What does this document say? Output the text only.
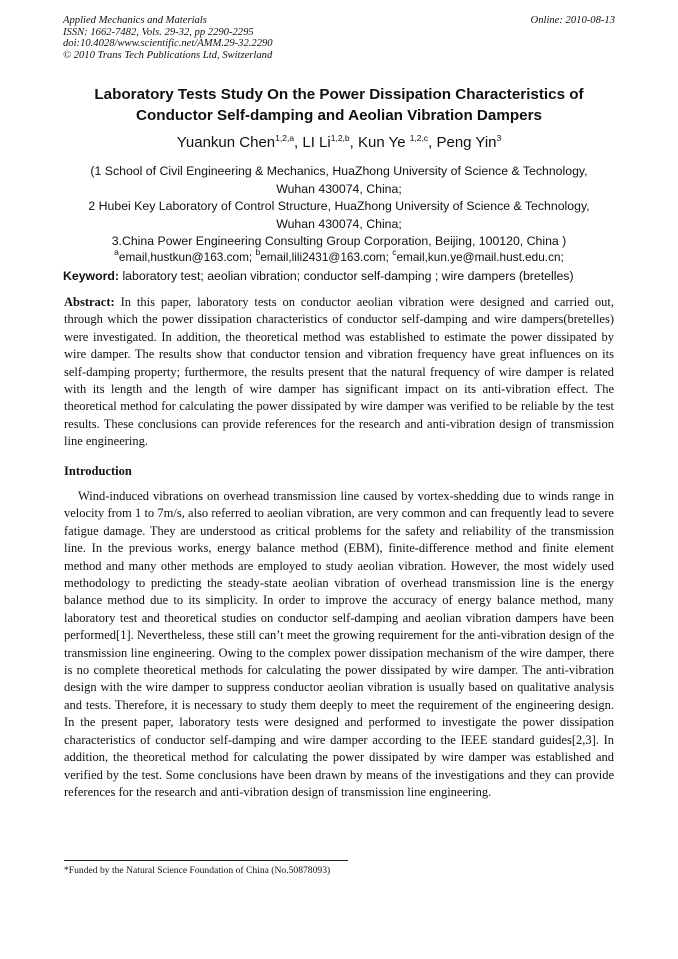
Applied Mechanics and Materials
ISSN: 1662-7482, Vols. 29-32, pp 2290-2295
doi:10.4028/www.scientific.net/AMM.29-32.2290
© 2010 Trans Tech Publications Ltd, Switzerland
Online: 2010-08-13
Laboratory Tests Study On the Power Dissipation Characteristics of
Conductor Self-damping and Aeolian Vibration Dampers
Yuankun Chen$^{1,2,a}$, LI Li$^{1,2,b}$, Kun Ye $^{1,2,c}$, Peng Yin$^3$
(1 School of Civil Engineering & Mechanics, HuaZhong University of Science & Technology,
Wuhan 430074, China;
2 Hubei Key Laboratory of Control Structure, HuaZhong University of Science & Technology,
Wuhan 430074, China;
3.China Power Engineering Consulting Group Corporation, Beijing, 100120, China )
$^a$email,hustkun@163.com; $^b$email,lili2431@163.com; $^c$email,kun.ye@mail.hust.edu.cn;
Keyword: laboratory test; aeolian vibration; conductor self-damping ; wire dampers (bretelles)
Abstract: In this paper, laboratory tests on conductor aeolian vibration were designed and carried out, through which the power dissipation characteristics of conductor self-damping and wire dampers(bretelles) were investigated. In addition, the theoretical method was established to estimate the power dissipated by wire damper. The results show that conductor tension and vibration frequency have great influences on its self-damping property; furthermore, the results present that the natural frequency of wire damper is related with its length and the length of wire damper has significant impact on its anti-vibration effect. The theoretical method for calculating the power dissipated by wire damper was verified to be reliable by the test results. These conclusions can provide references for the research and anti-vibration design of transmission line engineering.
Introduction
Wind-induced vibrations on overhead transmission line caused by vortex-shedding due to winds range in velocity from 1 to 7m/s, also referred to aeolian vibration, are very common and can frequently lead to severe fatigue damage. They are understood as critical problems for the safety and reliability of the transmission line. In the previous works, energy balance method (EBM), finite-difference method and finite element method and many other methods are employed to study aeolian vibration. However, the most widely used methodology to predicting the steady-state aeolian vibration of overhead transmission line is the energy balance method due to its simplicity. In order to improve the accuracy of energy balance method, many laboratory test and theoretical studies on conductor self-damping and aeolian vibration dampers have been performed[1]. Nevertheless, these still can’t meet the growing requirement for the anti-vibration design of the transmission line engineering. Owing to the complex power dissipation mechanism of the wire damper, there is no complete theoretical methods for calculating the power dissipated by wire damper. The anti-vibration design with the wire damper to suppress conductor aeolian vibration is usually based on qualitative analysis and tests. Therefore, it is necessary to study them deeply to meet the requirement of the engineering design. In the present paper, laboratory tests were designed and performed to investigate the power dissipation characteristics of conductor self-damping and wire damper according to the IEEE standard guides[2,3]. In addition, the theoretical method for calculating the power dissipated by wire damper was established and verified by the test. Some conclusions have been drawn by means of the investigations and they can provide references for the research and anti-vibration design of transmission line engineering.
*Funded by the Natural Science Foundation of China (No.50878093)
